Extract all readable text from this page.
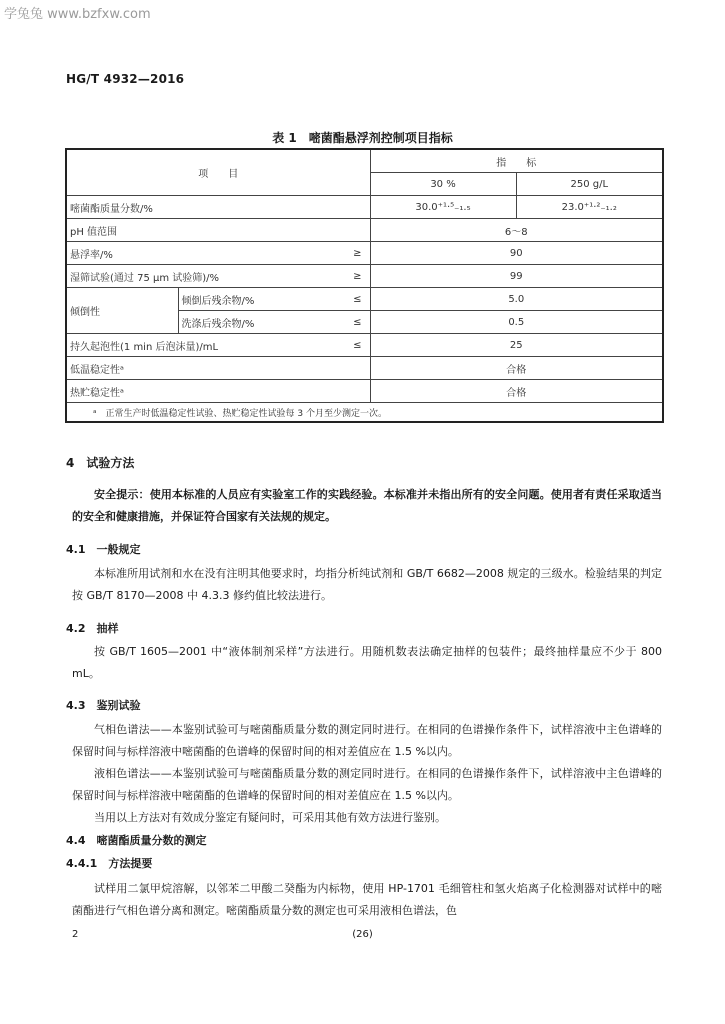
学兔兔 www.bzfxw.com
HG/T 4932—2016
表 1　嘧菌酯悬浮剂控制项目指标
项　　目			指　　标	
			30 %	250 g/L
嘧菌酯质量分数/%			30.0⁺¹·⁵₋₁.₅	23.0⁺¹·²₋₁.₂
pH 值范围			6～8	
悬浮率/%		≥	90	
湿筛试验(通过 75 μm 试验筛)/%		≥	99	
倾倒性	倾倒后残余物/%	≤	5.0	
	洗涤后残余物/%	≤	0.5	
持久起泡性(1 min 后泡沫量)/mL		≤	25	
低温稳定性ᵃ			合格	
热贮稳定性ᵃ			合格	
ᵃ　正常生产时低温稳定性试验、热贮稳定性试验每 3 个月至少测定一次。				
4　试验方法
安全提示：使用本标准的人员应有实验室工作的实践经验。本标准并未指出所有的安全问题。使用者有责任采取适当的安全和健康措施，并保证符合国家有关法规的规定。
4.1　一般规定
本标准所用试剂和水在没有注明其他要求时，均指分析纯试剂和 GB/T 6682—2008 规定的三级水。检验结果的判定按 GB/T 8170—2008 中 4.3.3 修约值比较法进行。
4.2　抽样
按 GB/T 1605—2001 中“液体制剂采样”方法进行。用随机数表法确定抽样的包装件；最终抽样量应不少于 800 mL。
4.3　鉴别试验
气相色谱法——本鉴别试验可与嘧菌酯质量分数的测定同时进行。在相同的色谱操作条件下，试样溶液中主色谱峰的保留时间与标样溶液中嘧菌酯的色谱峰的保留时间的相对差值应在 1.5 %以内。
液相色谱法——本鉴别试验可与嘧菌酯质量分数的测定同时进行。在相同的色谱操作条件下，试样溶液中主色谱峰的保留时间与标样溶液中嘧菌酯的色谱峰的保留时间的相对差值应在 1.5 %以内。
当用以上方法对有效成分鉴定有疑问时，可采用其他有效方法进行鉴别。
4.4　嘧菌酯质量分数的测定
4.4.1　方法提要
试样用二氯甲烷溶解，以邻苯二甲酸二癸酯为内标物，使用 HP-1701 毛细管柱和氢火焰离子化检测器对试样中的嘧菌酯进行气相色谱分离和测定。嘧菌酯质量分数的测定也可采用液相色谱法，色
2	(26)
